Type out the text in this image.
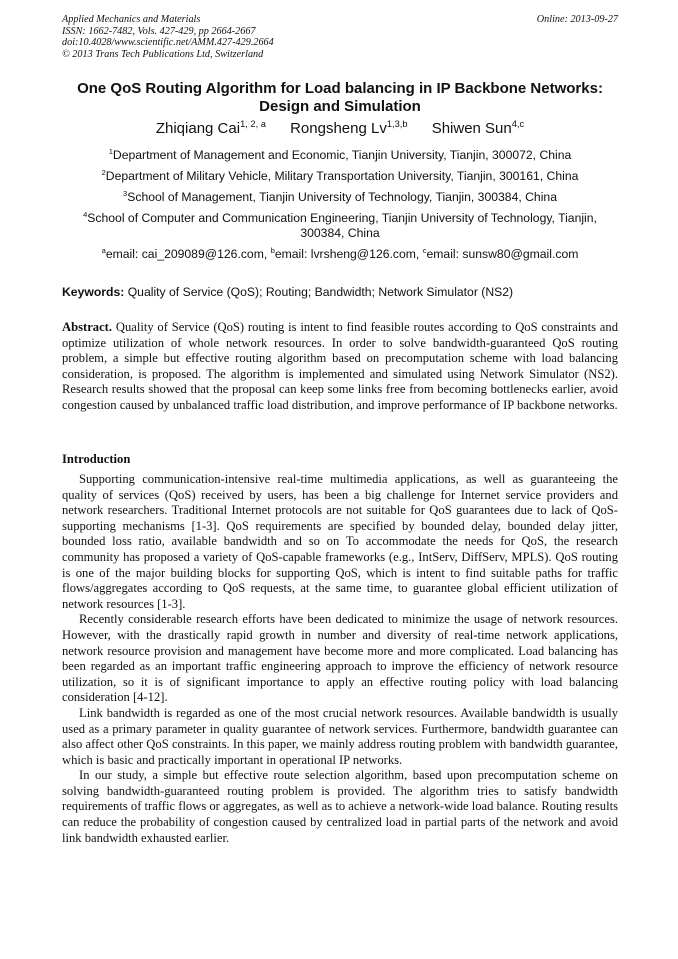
Applied Mechanics and Materials
ISSN: 1662-7482, Vols. 427-429, pp 2664-2667
doi:10.4028/www.scientific.net/AMM.427-429.2664
© 2013 Trans Tech Publications Ltd, Switzerland
Online: 2013-09-27
One QoS Routing Algorithm for Load balancing in IP Backbone Networks: Design and Simulation
Zhiqiang Cai$^{1, 2, a}$ Rongsheng Lv$^{1,3,b}$ Shiwen Sun$^{4,c}$
$^1$Department of Management and Economic, Tianjin University, Tianjin, 300072, China
$^2$Department of Military Vehicle, Military Transportation University, Tianjin, 300161, China
$^3$School of Management, Tianjin University of Technology, Tianjin, 300384, China
$^4$School of Computer and Communication Engineering, Tianjin University of Technology, Tianjin, 300384, China
$^a$email: cai_209089@126.com, $^b$email: lvrsheng@126.com, $^c$email: sunsw80@gmail.com
Keywords: Quality of Service (QoS); Routing; Bandwidth; Network Simulator (NS2)
Abstract. Quality of Service (QoS) routing is intent to find feasible routes according to QoS constraints and optimize utilization of whole network resources. In order to solve bandwidth-guaranteed QoS routing problem, a simple but effective routing algorithm based on precomputation scheme with load balancing consideration, is proposed. The algorithm is implemented and simulated using Network Simulator (NS2). Research results showed that the proposal can keep some links free from becoming bottlenecks earlier, avoid congestion caused by unbalanced traffic load distribution, and improve performance of IP backbone networks.
Introduction

Supporting communication-intensive real-time multimedia applications, as well as guaranteeing the quality of services (QoS) received by users, has been a big challenge for Internet service providers and network researchers. Traditional Internet protocols are not suitable for QoS guarantees due to lack of QoS-supporting mechanisms [1-3]. QoS requirements are specified by bounded delay, bounded delay jitter, bounded loss ratio, available bandwidth and so on To accommodate the needs for QoS, the research community has proposed a variety of QoS-capable frameworks (e.g., IntServ, DiffServ, MPLS). QoS routing is one of the major building blocks for supporting QoS, which is intent to find suitable paths for traffic flows/aggregates according to QoS requests, at the same time, to guarantee global efficient utilization of network resources [1-3].

Recently considerable research efforts have been dedicated to minimize the usage of network resources. However, with the drastically rapid growth in number and diversity of real-time network applications, network resource provision and management have become more and more complicated. Load balancing has been regarded as an important traffic engineering approach to improve the efficiency of network resource utilization, so it is of significant importance to apply an effective routing policy with load balancing consideration [4-12].

Link bandwidth is regarded as one of the most crucial network resources. Available bandwidth is usually used as a primary parameter in quality guarantee of network services. Furthermore, bandwidth guarantee can also affect other QoS constraints. In this paper, we mainly address routing problem with bandwidth guarantee, which is basic and practically important in operational IP networks.

In our study, a simple but effective route selection algorithm, based upon precomputation scheme on solving bandwidth-guaranteed routing problem is provided. The algorithm tries to satisfy bandwidth requirements of traffic flows or aggregates, as well as to achieve a network-wide load balance. Routing results can reduce the probability of congestion caused by centralized load in partial parts of the network and avoid link bandwidth exhausted earlier.
